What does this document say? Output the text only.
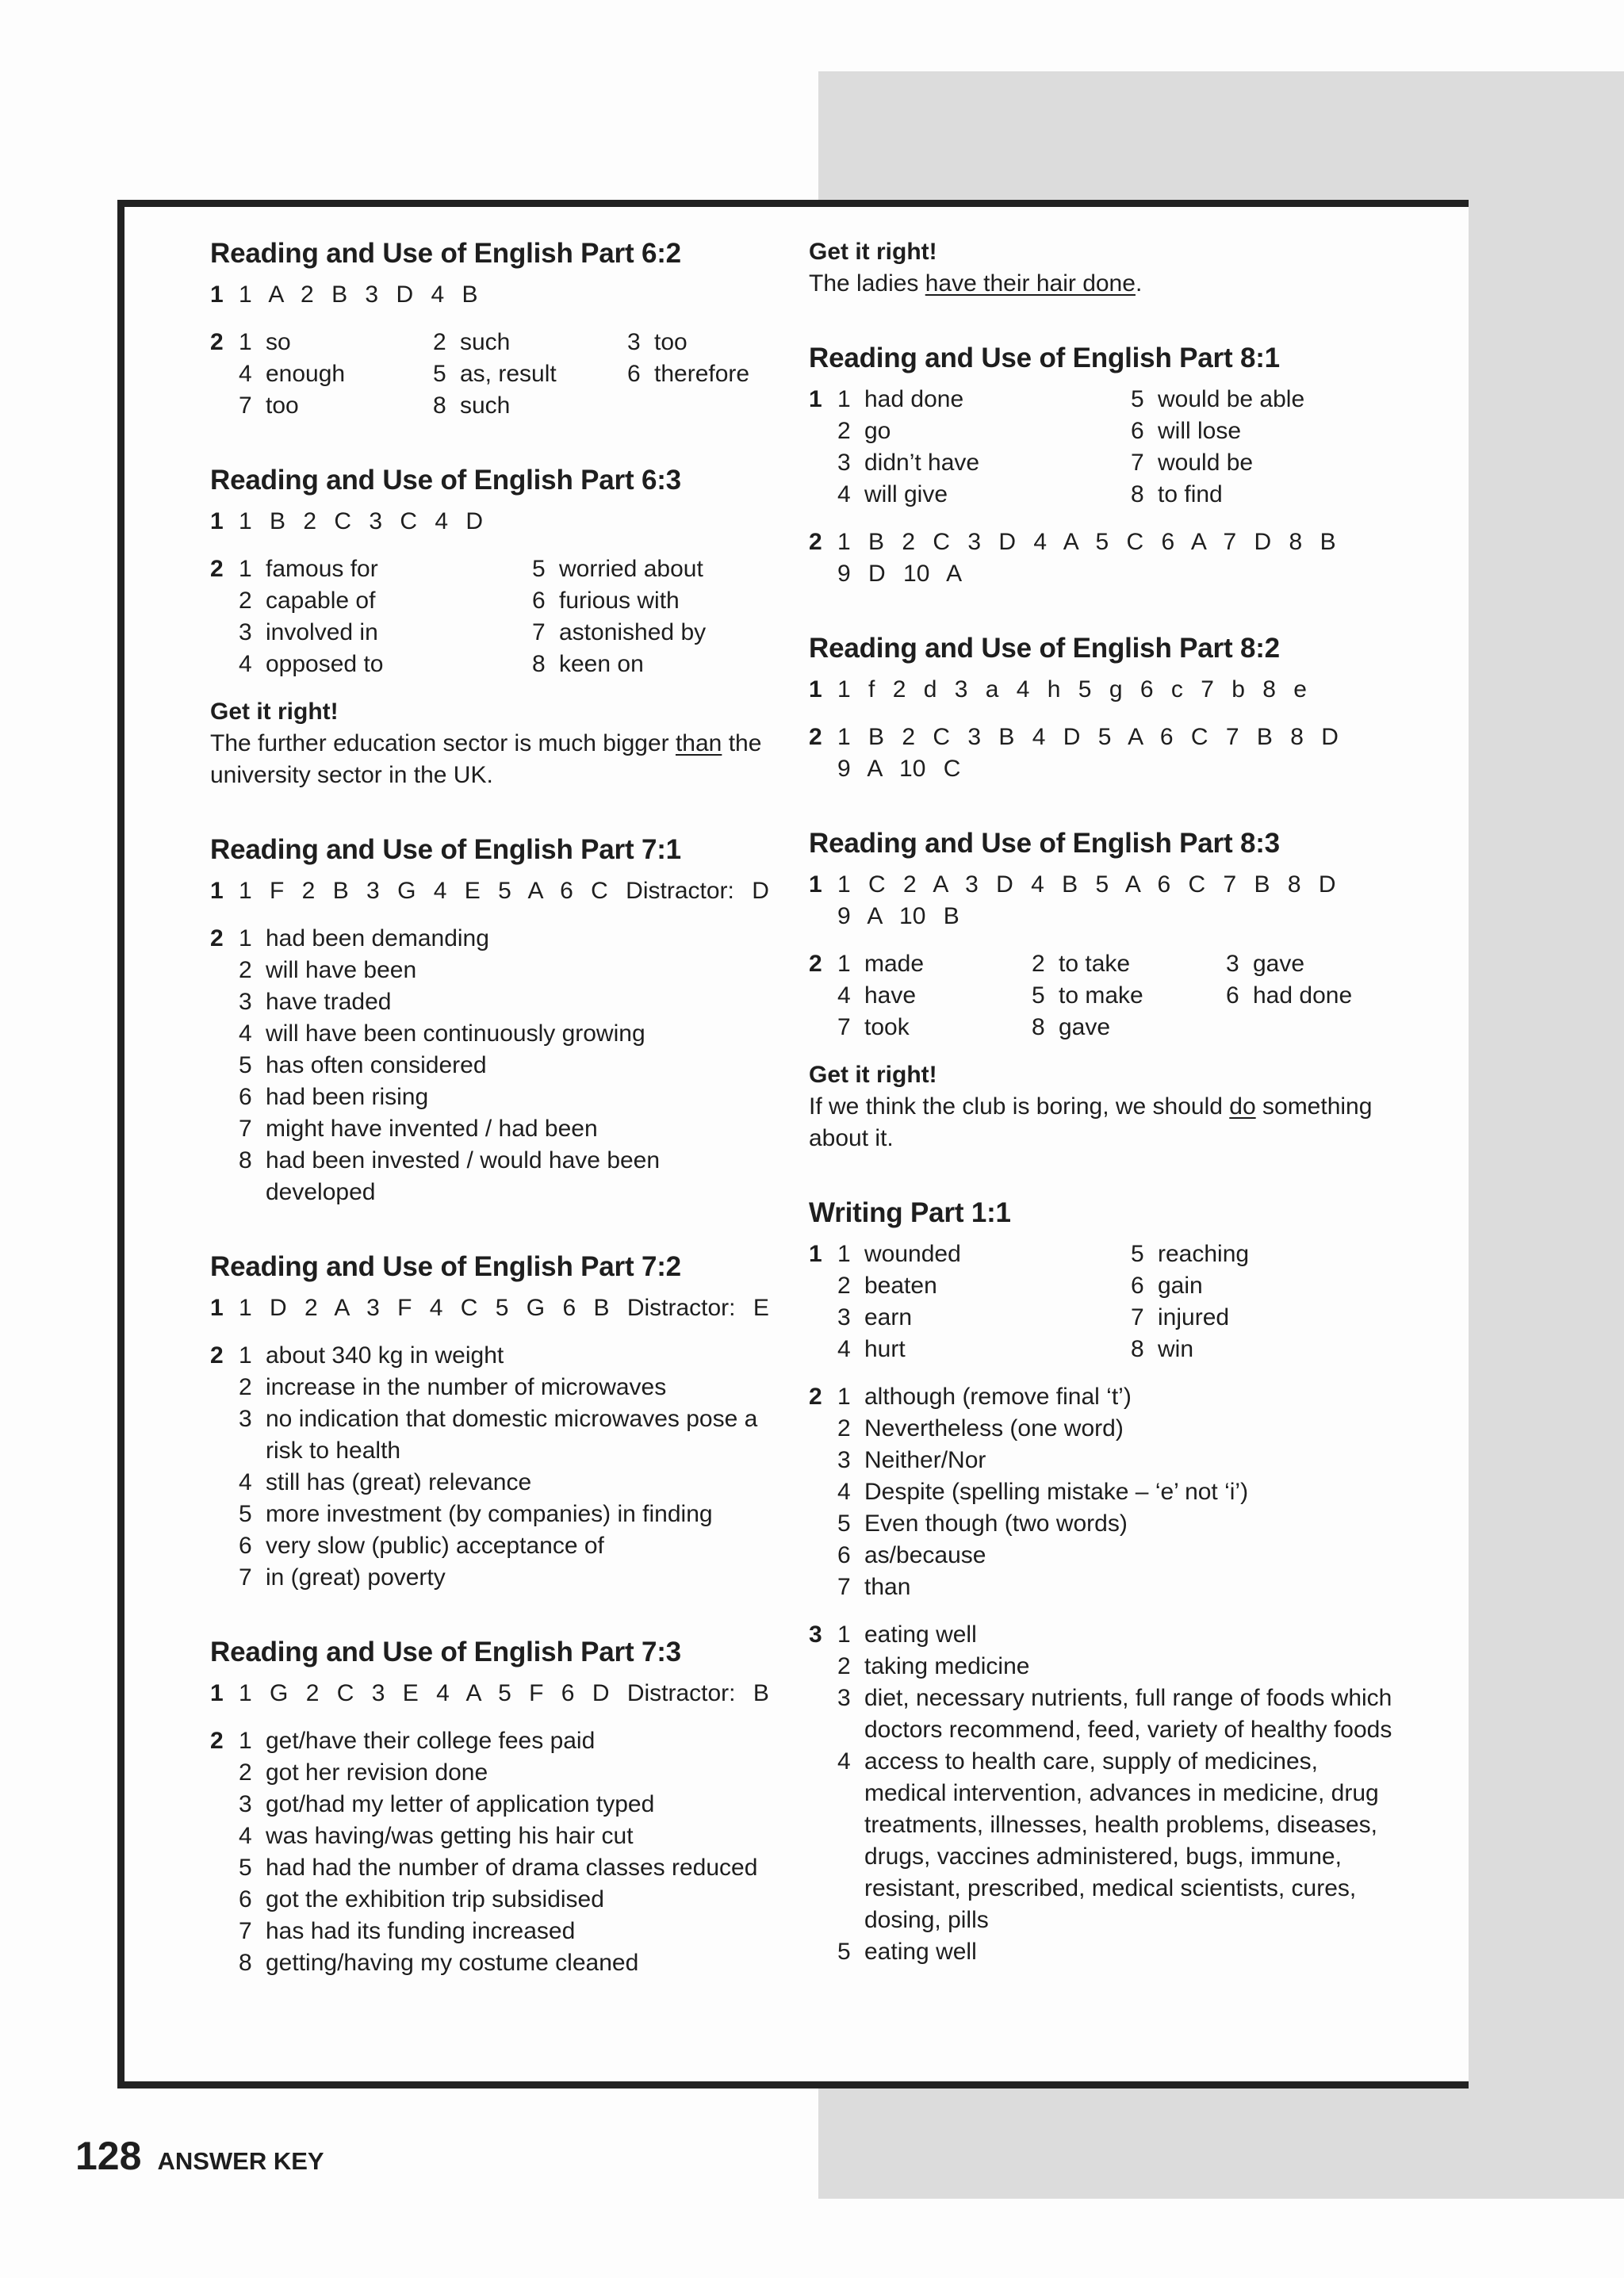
Reading and Use of English Part 6:2
1 1 A 2 B 3 D 4 B
2 1 so	2 such	3 too
4 enough	5 as, result	6 therefore
7 too	8 such
Reading and Use of English Part 6:3
1 1 B 2 C 3 C 4 D
2 1 famous for	5 worried about
2 capable of	6 furious with
3 involved in	7 astonished by
4 opposed to	8 keen on
Get it right!
The further education sector is much bigger than the university sector in the UK.
Reading and Use of English Part 7:1
1 1 F 2 B 3 G 4 E 5 A 6 C Distractor: D
2 1 had been demanding
2 will have been
3 have traded
4 will have been continuously growing
5 has often considered
6 had been rising
7 might have invented / had been
8 had been invested / would have been developed
Reading and Use of English Part 7:2
1 1 D 2 A 3 F 4 C 5 G 6 B Distractor: E
2 1 about 340 kg in weight
2 increase in the number of microwaves
3 no indication that domestic microwaves pose a risk to health
4 still has (great) relevance
5 more investment (by companies) in finding
6 very slow (public) acceptance of
7 in (great) poverty
Reading and Use of English Part 7:3
1 1 G 2 C 3 E 4 A 5 F 6 D Distractor: B
2 1 get/have their college fees paid
2 got her revision done
3 got/had my letter of application typed
4 was having/was getting his hair cut
5 had had the number of drama classes reduced
6 got the exhibition trip subsidised
7 has had its funding increased
8 getting/having my costume cleaned
Get it right!
The ladies have their hair done.
Reading and Use of English Part 8:1
1 1 had done	5 would be able
2 go	6 will lose
3 didn’t have	7 would be
4 will give	8 to find
2 1 B 2 C 3 D 4 A 5 C 6 A 7 D 8 B
9 D 10 A
Reading and Use of English Part 8:2
1 1 f 2 d 3 a 4 h 5 g 6 c 7 b 8 e
2 1 B 2 C 3 B 4 D 5 A 6 C 7 B 8 D
9 A 10 C
Reading and Use of English Part 8:3
1 1 C 2 A 3 D 4 B 5 A 6 C 7 B 8 D
9 A 10 B
2 1 made	2 to take	3 gave
4 have	5 to make	6 had done
7 took	8 gave
Get it right!
If we think the club is boring, we should do something about it.
Writing Part 1:1
1 1 wounded	5 reaching
2 beaten	6 gain
3 earn	7 injured
4 hurt	8 win
2 1 although (remove final ‘t’)
2 Nevertheless (one word)
3 Neither/Nor
4 Despite (spelling mistake – ‘e’ not ‘i’)
5 Even though (two words)
6 as/because
7 than
3 1 eating well
2 taking medicine
3 diet, necessary nutrients, full range of foods which doctors recommend, feed, variety of healthy foods
4 access to health care, supply of medicines, medical intervention, advances in medicine, drug treatments, illnesses, health problems, diseases, drugs, vaccines administered, bugs, immune, resistant, prescribed, medical scientists, cures, dosing, pills
5 eating well
128 ANSWER KEY
